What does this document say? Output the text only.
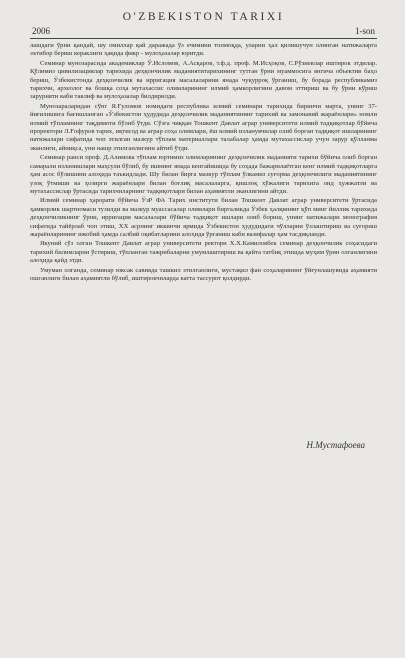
O'ZBEKISTON TARIXI
2006	1-son

лашдаги ўрни қандай, шу омиллар қай даражада ўз ечимини топмоқда, уларни ҳал қилишучун олинган натижаларга эътибор бериш кераклиги ҳақида фикр - мулоҳазалар юритди.

Семинар мунозарасида академиклар Ў.Исломов, А.Асқаров, т.ф.д. проф. М.Исҳоқов, С.Рўзиевлар иштирок этдилар. Қўлимиз цивилизациялар тарихида деҳқончилик маданиятитарихининг тутган ўрни муаммосига янгича объектив баҳо бериш, Ўзбекистонда деҳқончилик ва ирригация масалаларини янада чуқурроқ ўрганиш, бу борада республикамиз тарихчи, археолог ва бошқа соҳа мутахассис олимларининг илмий ҳамкорлигини давом эттириш ва бу ўрни кўриш зарурияти каби таклиф ва мулоҳазалар билдирилди.

Мунозараларидан сўнг Я.Ғуломов номидаги республика илмий семинари тарихида биринчи марта, унинг 37-йиғилишига бағишланган «Ўзбекистон ҳудудида деҳқончилик маданиятининг тарихий ва замонавий жараёнлари» номли илмий тўпламнинг тақдимоти бўлиб ўтди. Сўзга чиққан Тошкент Давлат аграр университети илмий тадқиқотлар бўйича проректори Л.Ғофуров тарих, иқтисод ва аграр соҳа олимлари, ёш илмий изланувчилар олиб борган тадқиқот ишларининг натижалари сифатида чоп этилган мазкур тўплам материаллари талабалар ҳамда мутахассислар учун зарур қўлланма эканлиги, айниқса, уни нашр этилганлигини айтиб ўтди.

Семинар раиси проф. Д.Алимова тўплам юртимиз олимларининг деҳқончилик маданияти тарихи бўйича олиб борган самарали изланишлари маҳсули бўлиб, бу ишнинг янада кенгайишида бу соҳада бажарилаётган кенг илмий тадқиқотларга ҳам асос бўлишини алоҳида таъкидлади. Шу билан бирга мазкур тўплам ўлкамиз суғорма деҳқончилиги маданиятининг узоқ ўтмиши ва ҳозирги жараёнлари билан боғлиқ масалаларга, қишлоқ хўжалиги тарихига оид ҳужжатли ва мутахассислар ўртасида тарихчиларнинг тадқиқотлари билан аҳамиятли эканлигини айтди.

Илмий семинар ҳарорати бўйича ЎзР ФА Тарих институти билан Тошкент Давлат аграр университети ўртасида ҳамкорлик шартномаси тузилди ва мазкур муассасалар олимлари биргаликда Ўзбек ҳалқининг қўп минг йиллик тарихида деҳқончиликнинг ўрни, ирригация масалалари бўйича тадқиқот ишлари олиб бориш, унинг натижалари монография сифатида тайёрлаб чоп этиш, XX асрнинг иккинчи ярмида Ўзбекистон ҳудудидаги чўлларни ўзлаштириш ва суғориш жараёнларининг ижобий ҳамда салбий оқибатларини алоҳида ўрганиш каби вазифалар ҳам тасдиқланди.

Якуний сўз олган Тошкент Давлат аграр университети ректори Х.Х.Камиловбек семинар деҳқончилик соҳасидаги тарихий билимларни ўстириш, тўпланган тажрибаларни умумлаштириш ва қайта татбиқ этишда муҳим ўрин олганлигини алоҳида қайд этди.

Умуман олганда, семинар юксак савияда ташкил этилганлиги, мустақил фан соҳаларининг ўйғунлашувида аҳамияти ошганлиги билан аҳамиятли бўлиб, иштирокчиларда катта тассурот қолдирди.

Н.Мустафоева
